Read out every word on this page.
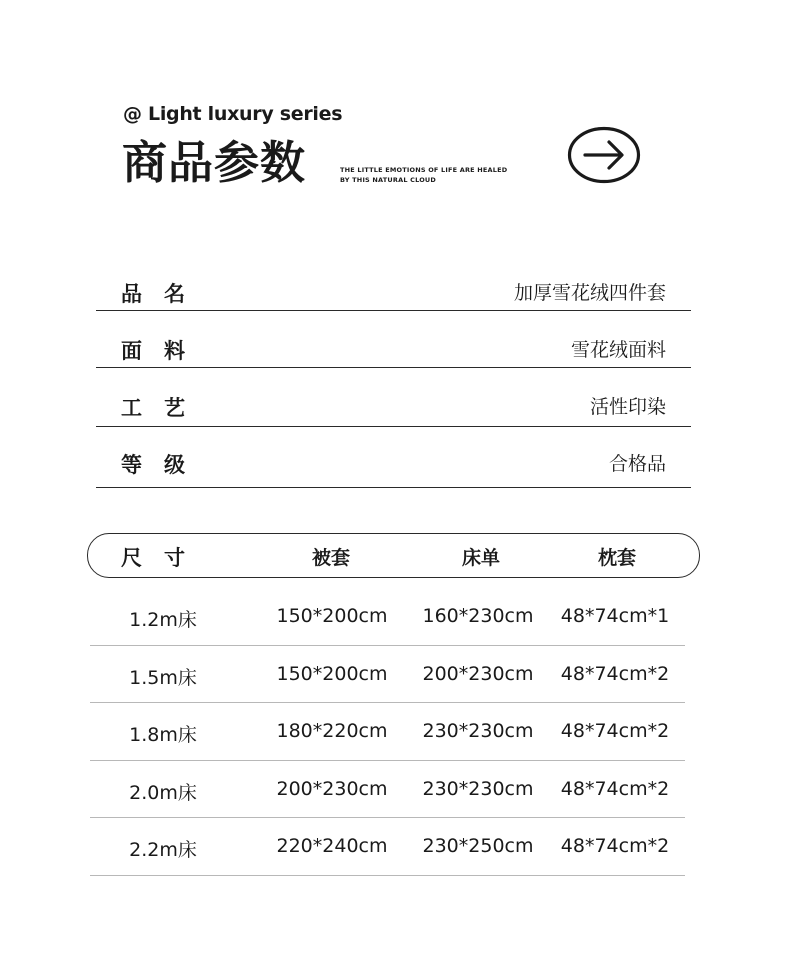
@ Light luxury series
商品参数	THE LITTLE EMOTIONS OF LIFE ARE HEALED
BY THIS NATURAL CLOUD
品名	加厚雪花绒四件套
面料	雪花绒面料
工艺	活性印染
等级	合格品
尺寸	被套	床单	枕套
1.2m床	150*200cm 160*230cm 48*74cm*1
1.5m床	150*200cm 200*230cm 48*74cm*2
1.8m床	180*220cm 230*230cm 48*74cm*2
2.0m床	200*230cm 230*230cm 48*74cm*2
2.2m床	220*240cm 230*250cm 48*74cm*2
